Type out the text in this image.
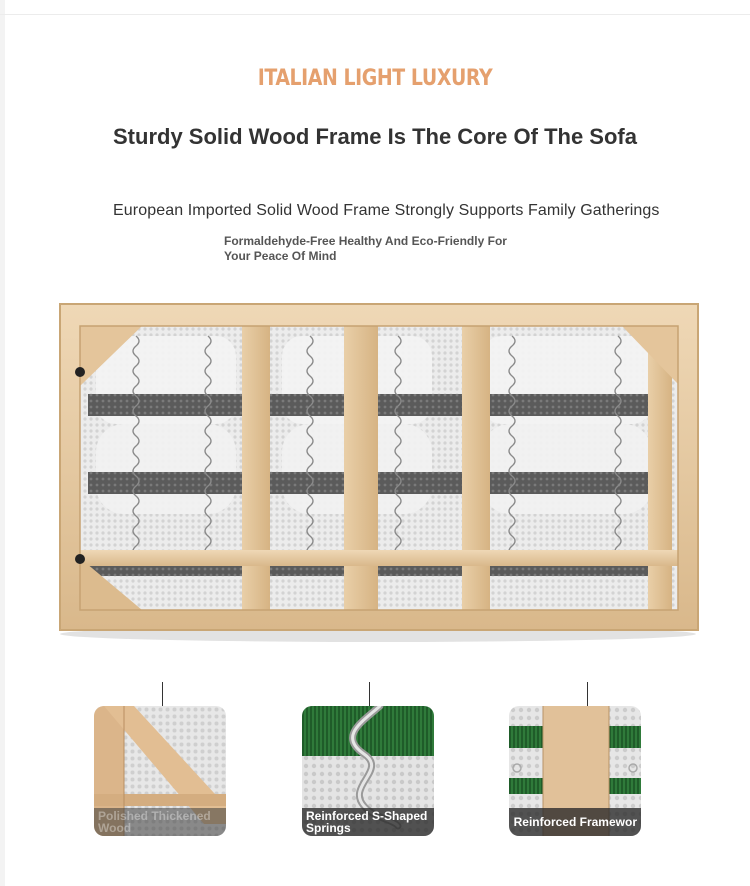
ITALIAN LIGHT LUXURY
Sturdy Solid Wood Frame Is The Core Of The Sofa
European Imported Solid Wood Frame Strongly Supports Family Gatherings
Formaldehyde-Free Healthy And Eco-Friendly For
Your Peace Of Mind
Polished Thickened
Wood
Reinforced S-Shaped
Springs	Reinforced Framewor
